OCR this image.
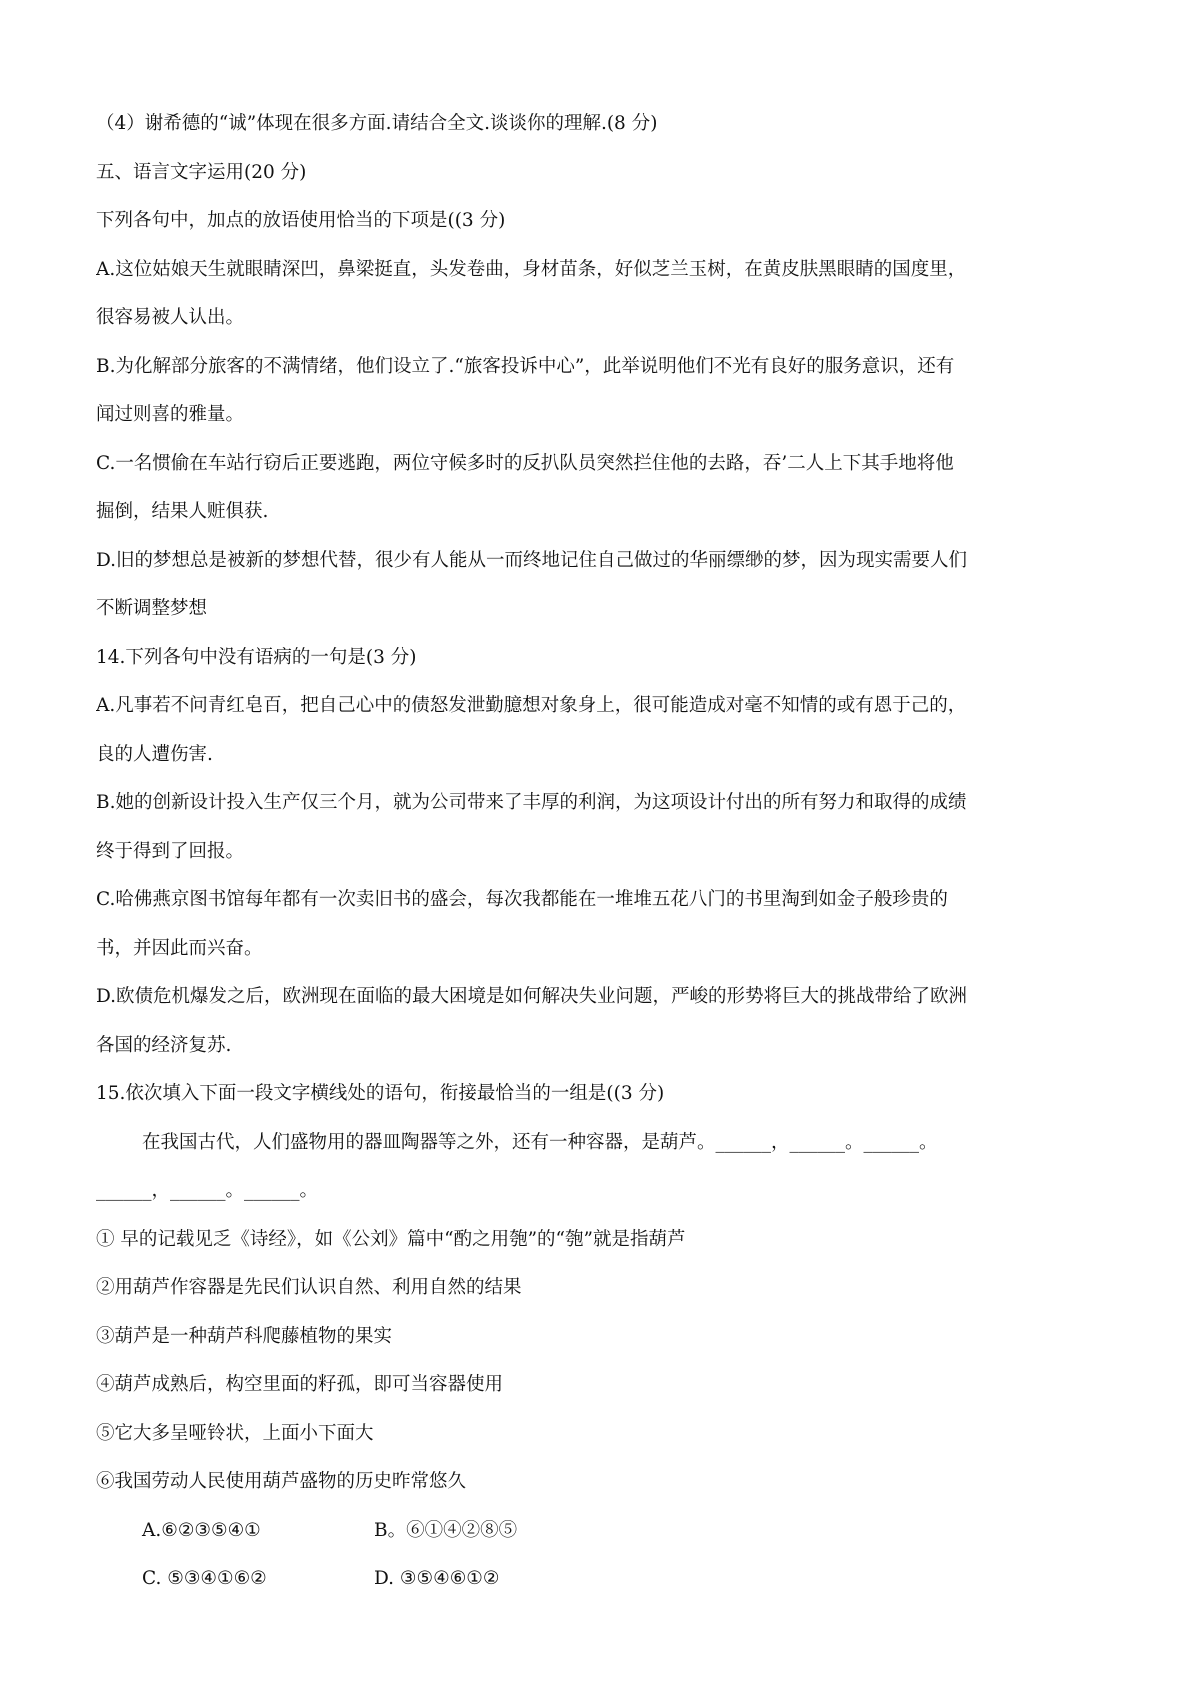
（4）谢希德的“诚”体现在很多方面.请结合全文.谈谈你的理解.(8 分)
五、语言文字运用(20 分)
下列各句中，加点的放语使用恰当的下项是((3 分)
A.这位姑娘天生就眼睛深凹，鼻梁挺直，头发卷曲，身材苗条，好似芝兰玉树，在黄皮肤黑眼睛的国度里，
很容易被人认出。
B.为化解部分旅客的不满情绪，他们设立了.“旅客投诉中心”，此举说明他们不光有良好的服务意识，还有
闻过则喜的雅量。
C.一名惯偷在车站行窃后正要逃跑，两位守候多时的反扒队员突然拦住他的去路，吞’二人上下其手地将他
掘倒，结果人赃俱获.
D.旧的梦想总是被新的梦想代替，很少有人能从一而终地记住自己做过的华丽缥缈的梦，因为现实需要人们
不断调整梦想
14.下列各句中没有语病的一句是(3 分)
A.凡事若不问青红皂百，把自己心中的债怒发泄勤臆想对象身上，很可能造成对毫不知情的或有恩于己的，
良的人遭伤害.
B.她的创新设计投入生产仅三个月，就为公司带来了丰厚的利润，为这项设计付出的所有努力和取得的成绩
终于得到了回报。
C.哈佛燕京图书馆每年都有一次卖旧书的盛会，每次我都能在一堆堆五花八门的书里淘到如金子般珍贵的
书，并因此而兴奋。
D.欧债危机爆发之后，欧洲现在面临的最大困境是如何解决失业问题，严峻的形势将巨大的挑战带给了欧洲
各国的经济复苏.
15.依次填入下面一段文字横线处的语句，衔接最恰当的一组是((3 分)
在我国古代，人们盛物用的器皿陶器等之外，还有一种容器，是葫芦。______，______。______。
______，______。______。
① 早的记载见乏《诗经》，如《公刘》篇中“酌之用匏”的“匏”就是指葫芦
②用葫芦作容器是先民们认识自然、利用自然的结果
③葫芦是一种葫芦科爬藤植物的果实
④葫芦成熟后，构空里面的籽孤，即可当容器使用
⑤它大多呈哑铃状，上面小下面大
⑥我国劳动人民使用葫芦盛物的历史昨常悠久
A.⑥②③⑤④①	B。⑥①④②⑧⑤
C. ⑤③④①⑥②	D. ③⑤④⑥①②
